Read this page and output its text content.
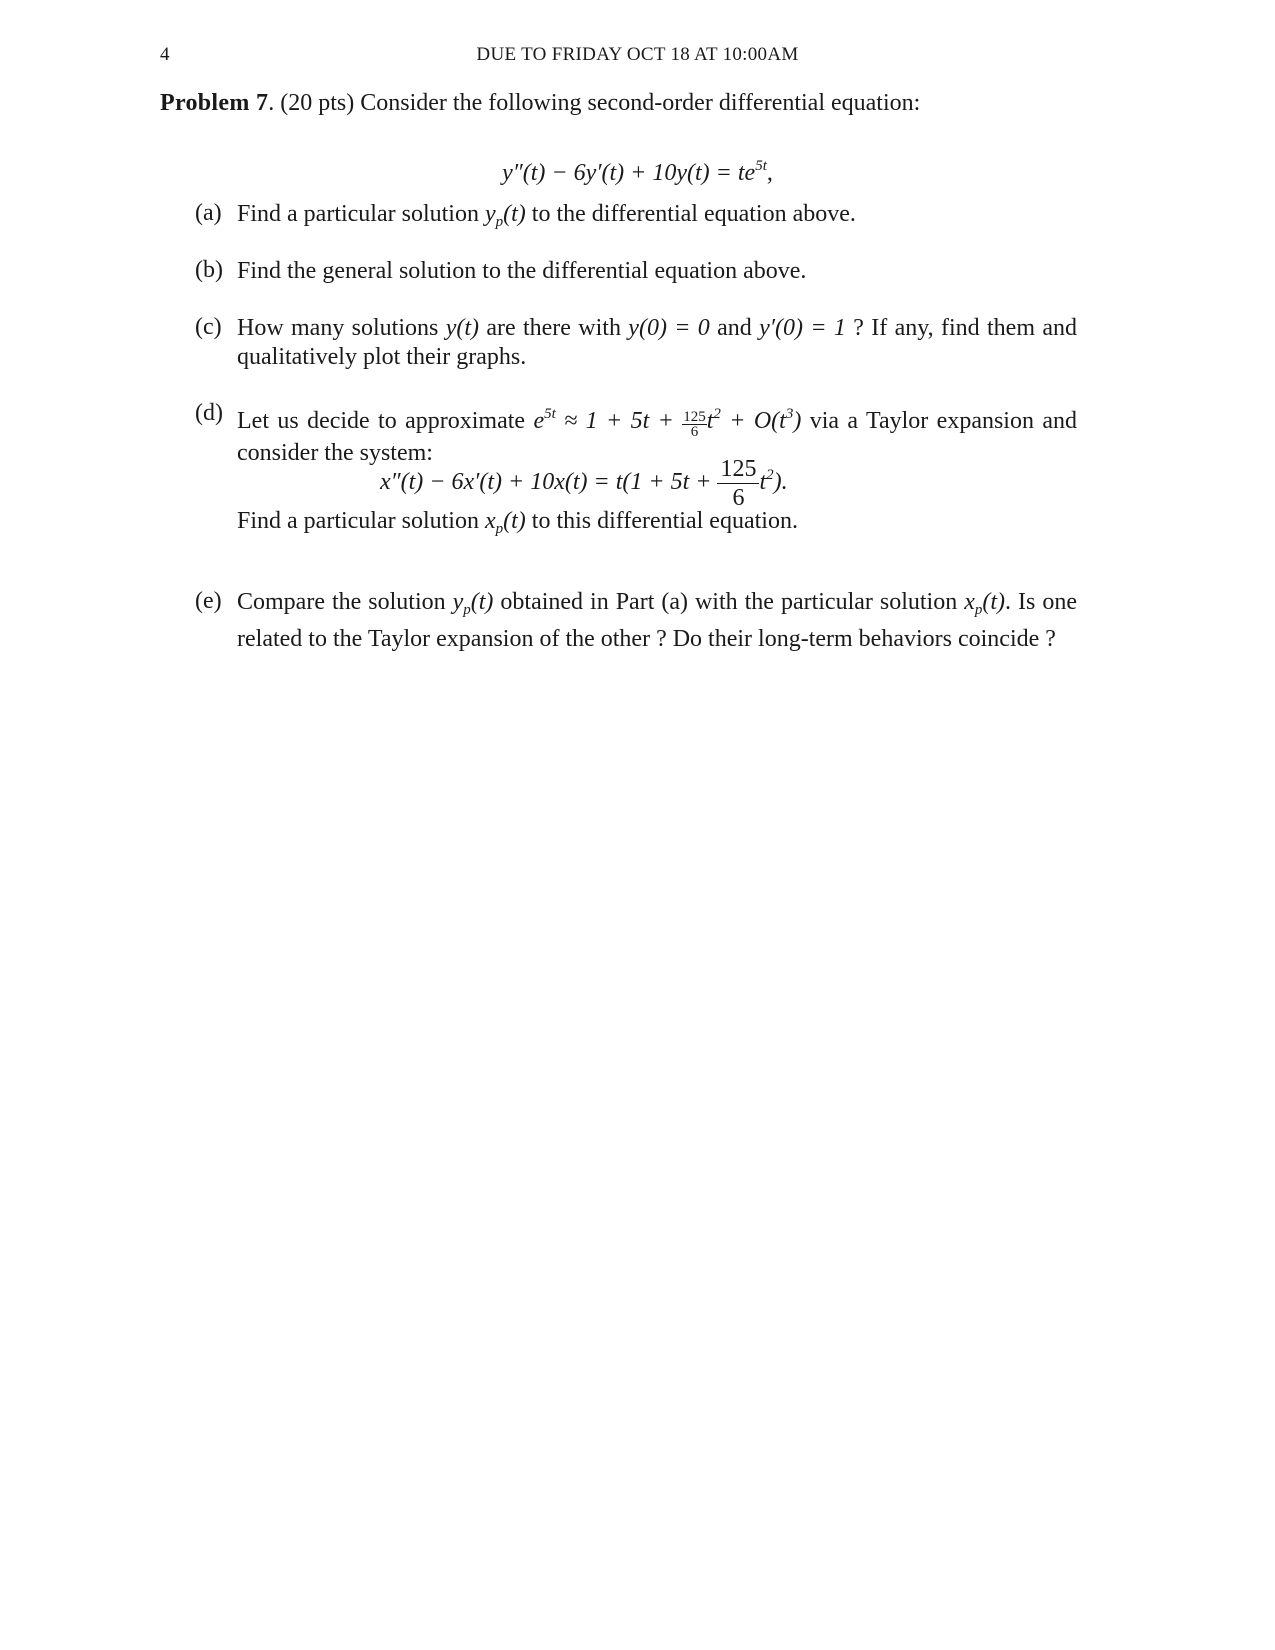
4	DUE TO FRIDAY OCT 18 AT 10:00AM
Problem 7. (20 pts) Consider the following second-order differential equation:
$y''(t) - 6y'(t) + 10y(t) = te^{5t}$,
(a) Find a particular solution $y_p(t)$ to the differential equation above.
(b) Find the general solution to the differential equation above.
(c) How many solutions y(t) are there with y(0) = 0 and y′(0) = 1 ? If any, find them and qualitatively plot their graphs.
(d) Let us decide to approximate $e^{5t} \approx 1 + 5t + \frac{125}{6} t^2 + O(t^3)$ via a Taylor expansion and consider the system:
$x''(t) - 6x'(t) + 10x(t) = t(1 + 5t + \frac{125}{6} t^2)$.
Find a particular solution $x_p(t)$ to this differential equation.
(e) Compare the solution $y_p(t)$ obtained in Part (a) with the particular solution $x_p(t)$. Is one related to the Taylor expansion of the other ? Do their long-term behaviors coincide ?
